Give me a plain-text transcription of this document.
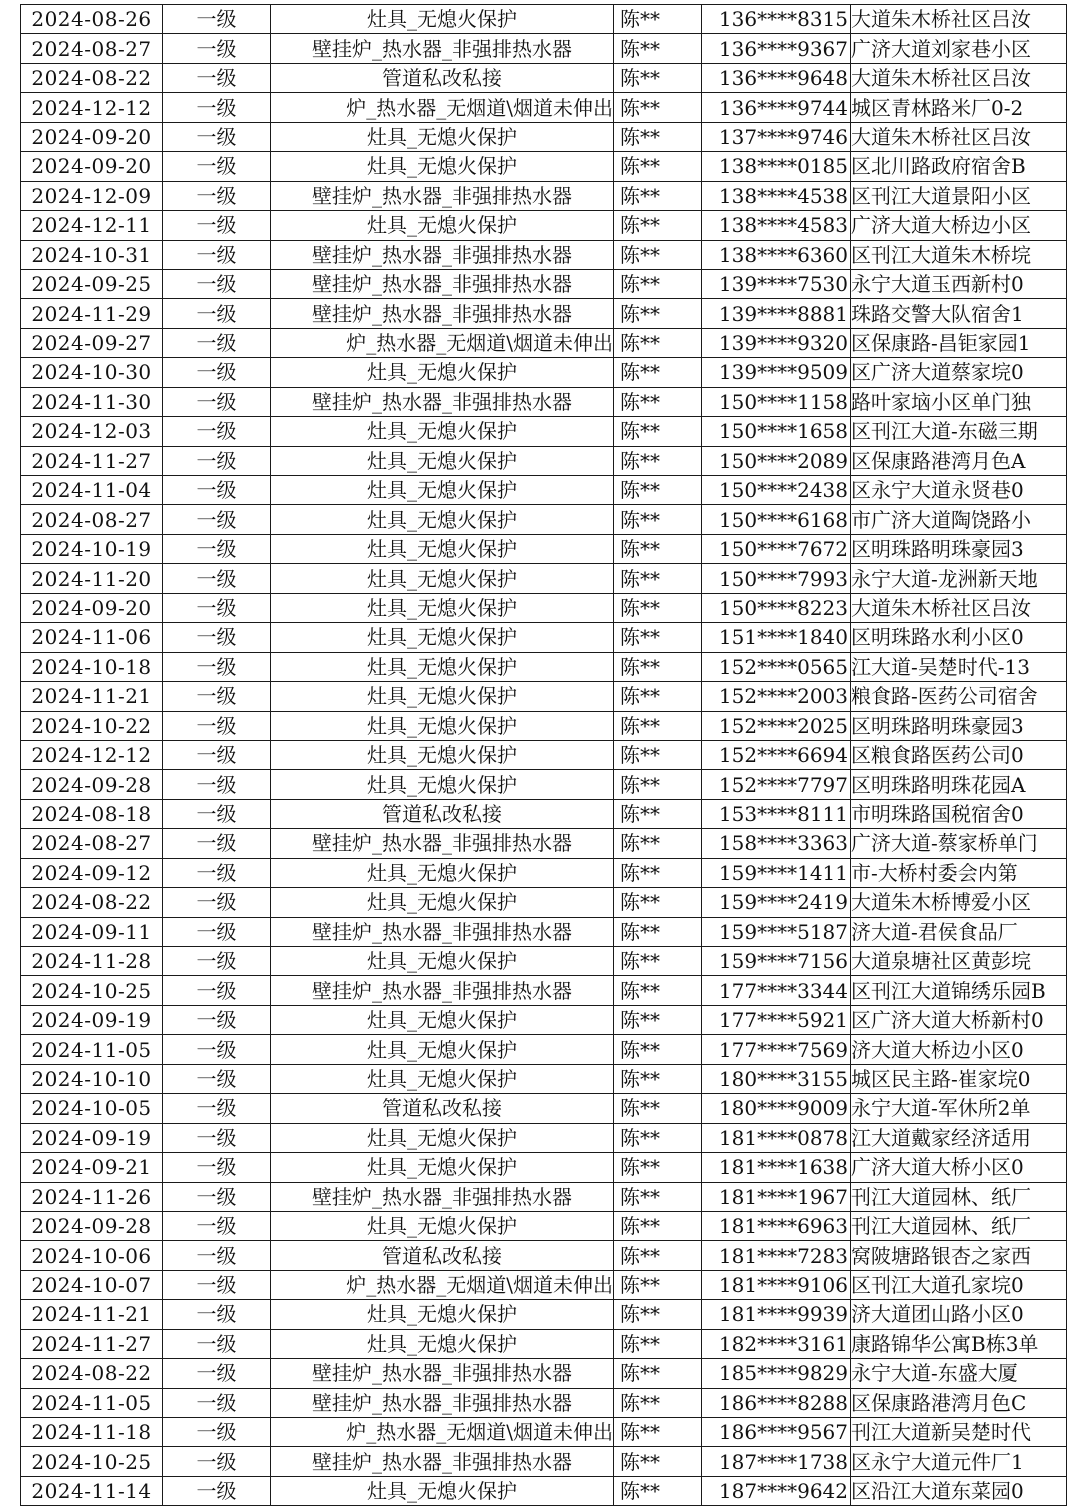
2024-08-26	一级	灶具_无熄火保护	陈**	136****8315	大道朱木桥社区吕汝
2024-08-27	一级	壁挂炉_热水器_非强排热水器	陈**	136****9367	广济大道刘家巷小区
2024-08-22	一级	管道私改私接	陈**	136****9648	大道朱木桥社区吕汝
2024-12-12	一级	炉_热水器_无烟道\烟道未伸出	陈**	136****9744	城区青林路米厂0-2
2024-09-20	一级	灶具_无熄火保护	陈**	137****9746	大道朱木桥社区吕汝
2024-09-20	一级	灶具_无熄火保护	陈**	138****0185	区北川路政府宿舍B
2024-12-09	一级	壁挂炉_热水器_非强排热水器	陈**	138****4538	区刊江大道景阳小区
2024-12-11	一级	灶具_无熄火保护	陈**	138****4583	广济大道大桥边小区
2024-10-31	一级	壁挂炉_热水器_非强排热水器	陈**	138****6360	区刊江大道朱木桥垸
2024-09-25	一级	壁挂炉_热水器_非强排热水器	陈**	139****7530	永宁大道玉西新村0
2024-11-29	一级	壁挂炉_热水器_非强排热水器	陈**	139****8881	珠路交警大队宿舍1
2024-09-27	一级	炉_热水器_无烟道\烟道未伸出	陈**	139****9320	区保康路-昌钜家园1
2024-10-30	一级	灶具_无熄火保护	陈**	139****9509	区广济大道蔡家垸0
2024-11-30	一级	壁挂炉_热水器_非强排热水器	陈**	150****1158	路叶家垴小区单门独
2024-12-03	一级	灶具_无熄火保护	陈**	150****1658	区刊江大道-东磁三期
2024-11-27	一级	灶具_无熄火保护	陈**	150****2089	区保康路港湾月色A
2024-11-04	一级	灶具_无熄火保护	陈**	150****2438	区永宁大道永贤巷0
2024-08-27	一级	灶具_无熄火保护	陈**	150****6168	市广济大道陶饶路小
2024-10-19	一级	灶具_无熄火保护	陈**	150****7672	区明珠路明珠豪园3
2024-11-20	一级	灶具_无熄火保护	陈**	150****7993	永宁大道-龙洲新天地
2024-09-20	一级	灶具_无熄火保护	陈**	150****8223	大道朱木桥社区吕汝
2024-11-06	一级	灶具_无熄火保护	陈**	151****1840	区明珠路水利小区0
2024-10-18	一级	灶具_无熄火保护	陈**	152****0565	江大道-吴楚时代-13
2024-11-21	一级	灶具_无熄火保护	陈**	152****2003	粮食路-医药公司宿舍
2024-10-22	一级	灶具_无熄火保护	陈**	152****2025	区明珠路明珠豪园3
2024-12-12	一级	灶具_无熄火保护	陈**	152****6694	区粮食路医药公司0
2024-09-28	一级	灶具_无熄火保护	陈**	152****7797	区明珠路明珠花园A
2024-08-18	一级	管道私改私接	陈**	153****8111	市明珠路国税宿舍0
2024-08-27	一级	壁挂炉_热水器_非强排热水器	陈**	158****3363	广济大道-蔡家桥单门
2024-09-12	一级	灶具_无熄火保护	陈**	159****1411	市-大桥村委会内第
2024-08-22	一级	灶具_无熄火保护	陈**	159****2419	大道朱木桥博爱小区
2024-09-11	一级	壁挂炉_热水器_非强排热水器	陈**	159****5187	济大道-君侯食品厂
2024-11-28	一级	灶具_无熄火保护	陈**	159****7156	大道泉塘社区黄彭垸
2024-10-25	一级	壁挂炉_热水器_非强排热水器	陈**	177****3344	区刊江大道锦绣乐园B
2024-09-19	一级	灶具_无熄火保护	陈**	177****5921	区广济大道大桥新村0
2024-11-05	一级	灶具_无熄火保护	陈**	177****7569	济大道大桥边小区0
2024-10-10	一级	灶具_无熄火保护	陈**	180****3155	城区民主路-崔家垸0
2024-10-05	一级	管道私改私接	陈**	180****9009	永宁大道-军休所2单
2024-09-19	一级	灶具_无熄火保护	陈**	181****0878	江大道戴家经济适用
2024-09-21	一级	灶具_无熄火保护	陈**	181****1638	广济大道大桥小区0
2024-11-26	一级	壁挂炉_热水器_非强排热水器	陈**	181****1967	刊江大道园林、纸厂
2024-09-28	一级	灶具_无熄火保护	陈**	181****6963	刊江大道园林、纸厂
2024-10-06	一级	管道私改私接	陈**	181****7283	窝陂塘路银杏之家西
2024-10-07	一级	炉_热水器_无烟道\烟道未伸出	陈**	181****9106	区刊江大道孔家垸0
2024-11-21	一级	灶具_无熄火保护	陈**	181****9939	济大道团山路小区0
2024-11-27	一级	灶具_无熄火保护	陈**	182****3161	康路锦华公寓B栋3单
2024-08-22	一级	壁挂炉_热水器_非强排热水器	陈**	185****9829	永宁大道-东盛大厦
2024-11-05	一级	壁挂炉_热水器_非强排热水器	陈**	186****8288	区保康路港湾月色C
2024-11-18	一级	炉_热水器_无烟道\烟道未伸出	陈**	186****9567	刊江大道新吴楚时代
2024-10-25	一级	壁挂炉_热水器_非强排热水器	陈**	187****1738	区永宁大道元件厂1
2024-11-14	一级	灶具_无熄火保护	陈**	187****9642	区沿江大道东菜园0
